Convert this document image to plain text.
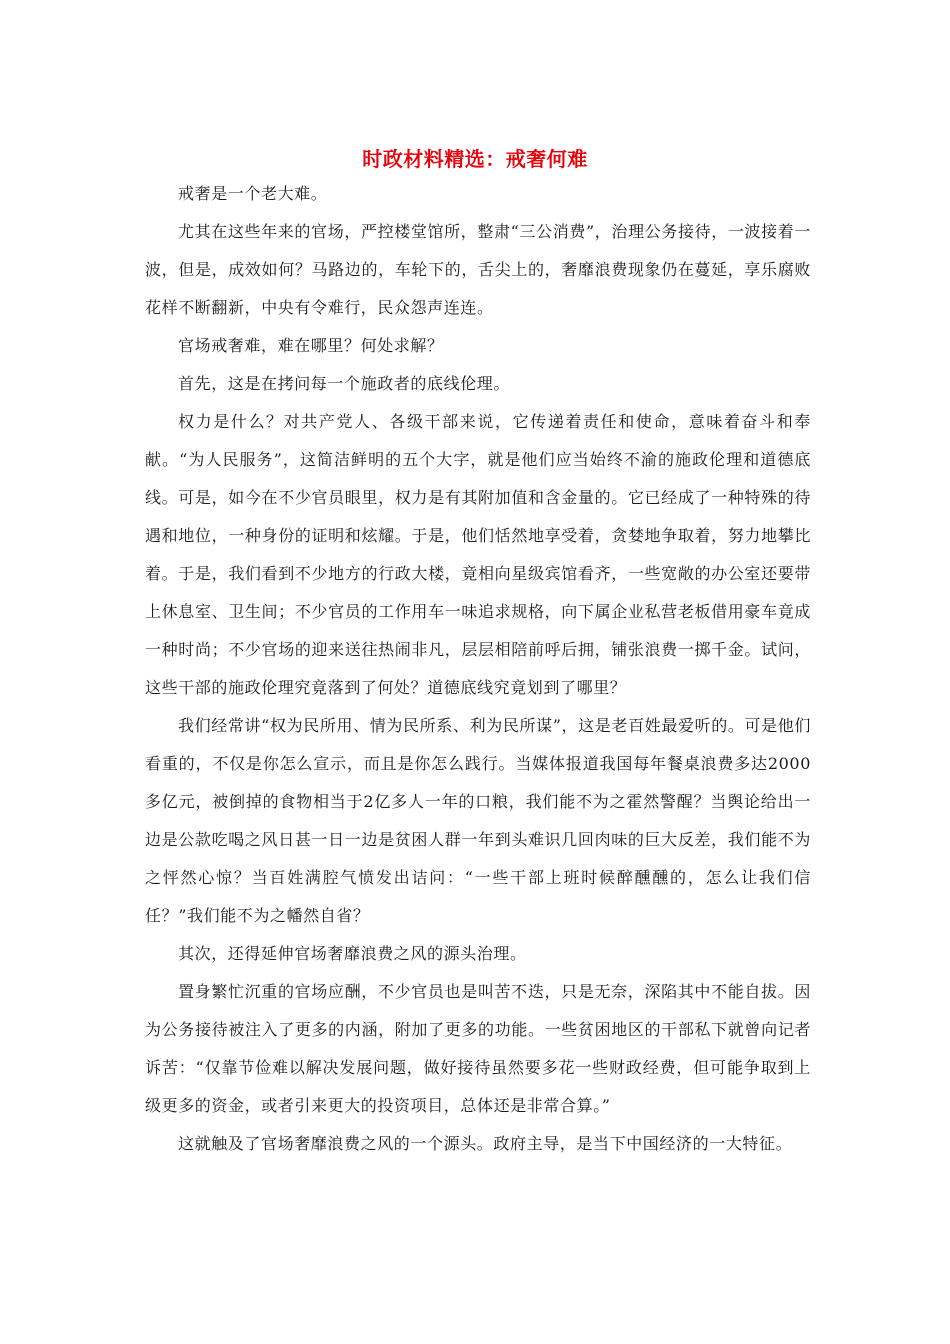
时政材料精选：戒奢何难

戒奢是一个老大难。

尤其在这些年来的官场，严控楼堂馆所，整肃“三公消费”，治理公务接待，一波接着一波，但是，成效如何？马路边的，车轮下的，舌尖上的，奢靡浪费现象仍在蔓延，享乐腐败花样不断翻新，中央有令难行，民众怨声连连。

官场戒奢难，难在哪里？何处求解？

首先，这是在拷问每一个施政者的底线伦理。

权力是什么？对共产党人、各级干部来说，它传递着责任和使命，意味着奋斗和奉献。“为人民服务”，这简洁鲜明的五个大字，就是他们应当始终不渝的施政伦理和道德底线。可是，如今在不少官员眼里，权力是有其附加值和含金量的。它已经成了一种特殊的待遇和地位，一种身份的证明和炫耀。于是，他们恬然地享受着，贪婪地争取着，努力地攀比着。于是，我们看到不少地方的行政大楼，竟相向星级宾馆看齐，一些宽敞的办公室还要带上休息室、卫生间；不少官员的工作用车一味追求规格，向下属企业私营老板借用豪车竟成一种时尚；不少官场的迎来送往热闹非凡，层层相陪前呼后拥，铺张浪费一掷千金。试问，这些干部的施政伦理究竟落到了何处？道德底线究竟划到了哪里？

我们经常讲“权为民所用、情为民所系、利为民所谋”，这是老百姓最爱听的。可是他们看重的，不仅是你怎么宣示，而且是你怎么践行。当媒体报道我国每年餐桌浪费多达2000多亿元，被倒掉的食物相当于2亿多人一年的口粮，我们能不为之霍然警醒？当舆论给出一边是公款吃喝之风日甚一日一边是贫困人群一年到头难识几回肉味的巨大反差，我们能不为之怦然心惊？当百姓满腔气愤发出诘问：“一些干部上班时候醉醺醺的，怎么让我们信任？”我们能不为之幡然自省？

其次，还得延伸官场奢靡浪费之风的源头治理。

置身繁忙沉重的官场应酬，不少官员也是叫苦不迭，只是无奈，深陷其中不能自拔。因为公务接待被注入了更多的内涵，附加了更多的功能。一些贫困地区的干部私下就曾向记者诉苦：“仅靠节俭难以解决发展问题，做好接待虽然要多花一些财政经费，但可能争取到上级更多的资金，或者引来更大的投资项目，总体还是非常合算。”

这就触及了官场奢靡浪费之风的一个源头。政府主导，是当下中国经济的一大特征。
